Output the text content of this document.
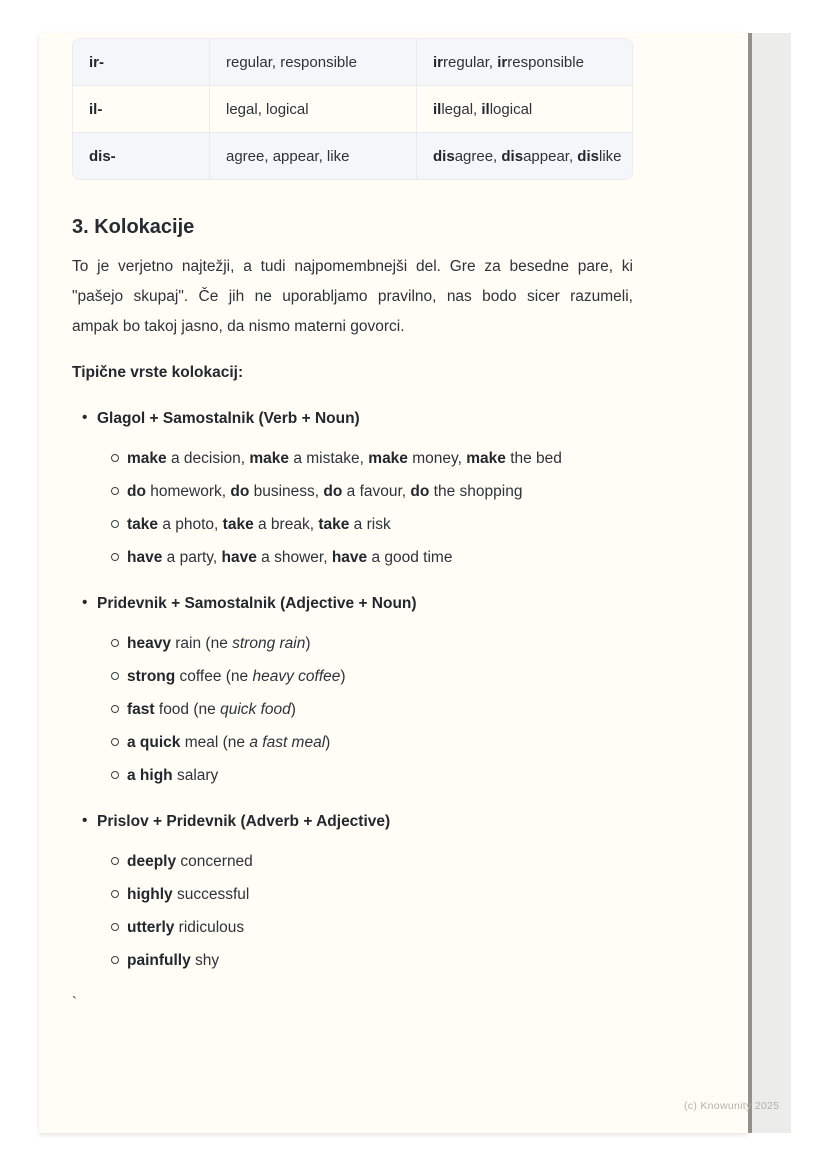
ir-	regular, responsible	irregular, irresponsible
il-	legal, logical	illegal, illogical
dis-	agree, appear, like	disagree, disappear, dislike
3. Kolokacije
To je verjetno najtežji, a tudi najpomembnejši del. Gre za besedne pare, ki
"pašejo skupaj". Če jih ne uporabljamo pravilno, nas bodo sicer razumeli,
ampak bo takoj jasno, da nismo materni govorci.
Tipične vrste kolokacij:
• Glagol + Samostalnik (Verb + Noun)
make a decision, make a mistake, make money, make the bed
do homework, do business, do a favour, do the shopping
take a photo, take a break, take a risk
have a party, have a shower, have a good time
• Pridevnik + Samostalnik (Adjective + Noun)
heavy rain (ne strong rain)
strong coffee (ne heavy coffee)
fast food (ne quick food)
a quick meal (ne a fast meal)
a high salary
• Prislov + Pridevnik (Adverb + Adjective)
deeply concerned
highly successful
utterly ridiculous
painfully shy
`
(c) Knowunity 2025
